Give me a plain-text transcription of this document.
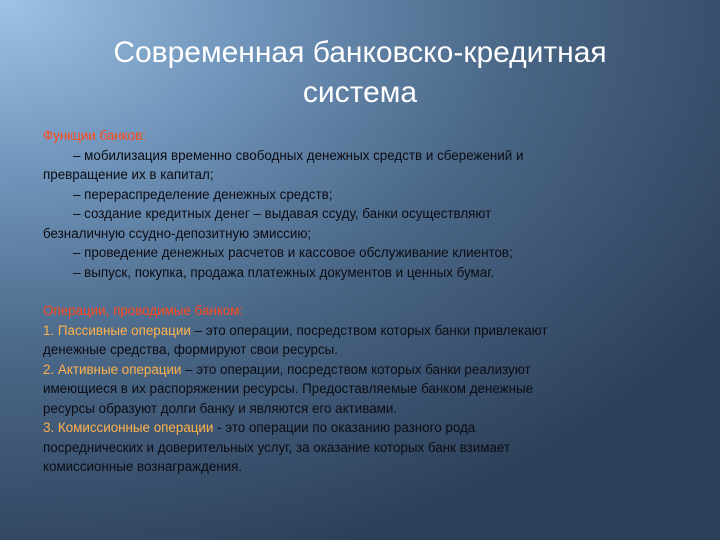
Современная банковско-кредитная
система

Функции банков:

– мобилизация временно свободных денежных средств и сбережений и

превращение их в капитал;

– перераспределение денежных средств;

– создание кредитных денег – выдавая ссуду, банки осуществляют

безналичную ссудно-депозитную эмиссию;

– проведение денежных расчетов и кассовое обслуживание клиентов;

– выпуск, покупка, продажа платежных документов и ценных бумаг.

Операции, проводимые банком:

1. Пассивные операции – это операции, посредством которых банки привлекают

денежные средства, формируют свои ресурсы.

2. Активные операции – это операции, посредством которых банки реализуют

имеющиеся в их распоряжении ресурсы. Предоставляемые банком денежные

ресурсы образуют долги банку и являются его активами.

3. Комиссионные операции - это операции по оказанию разного рода

посреднических и доверительных услуг, за оказание которых банк взимает

комиссионные вознаграждения.
